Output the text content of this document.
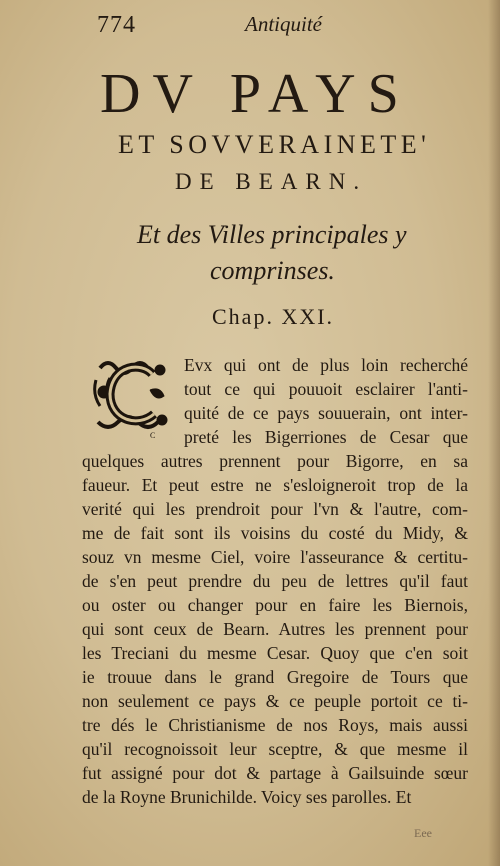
774	Antiquité
DV PAYS
ET SOVVERAINETE'
DE BEARN.
Et des Villes principales y
comprinses.
Chap. XXI.
C
Evx qui ont de plus loin recherché
tout ce qui pouuoit esclairer l'anti-
quité de ce pays souuerain, ont inter-
preté les Bigerriones de Cesar que
quelques autres prennent pour Bigorre, en sa
faueur. Et peut estre ne s'esloigneroit trop de la
verité qui les prendroit pour l'vn & l'autre, com-
me de fait sont ils voisins du costé du Midy, &
souz vn mesme Ciel, voire l'asseurance & certitu-
de s'en peut prendre du peu de lettres qu'il faut
ou oster ou changer pour en faire les Biernois,
qui sont ceux de Bearn. Autres les prennent pour
les Treciani du mesme Cesar. Quoy que c'en soit
ie trouue dans le grand Gregoire de Tours que
non seulement ce pays & ce peuple portoit ce ti-
tre dés le Christianisme de nos Roys, mais aussi
qu'il recognoissoit leur sceptre, & que mesme il
fut assigné pour dot & partage à Gailsuinde sœur
de la Royne Brunichilde. Voicy ses parolles. Et
Eee
